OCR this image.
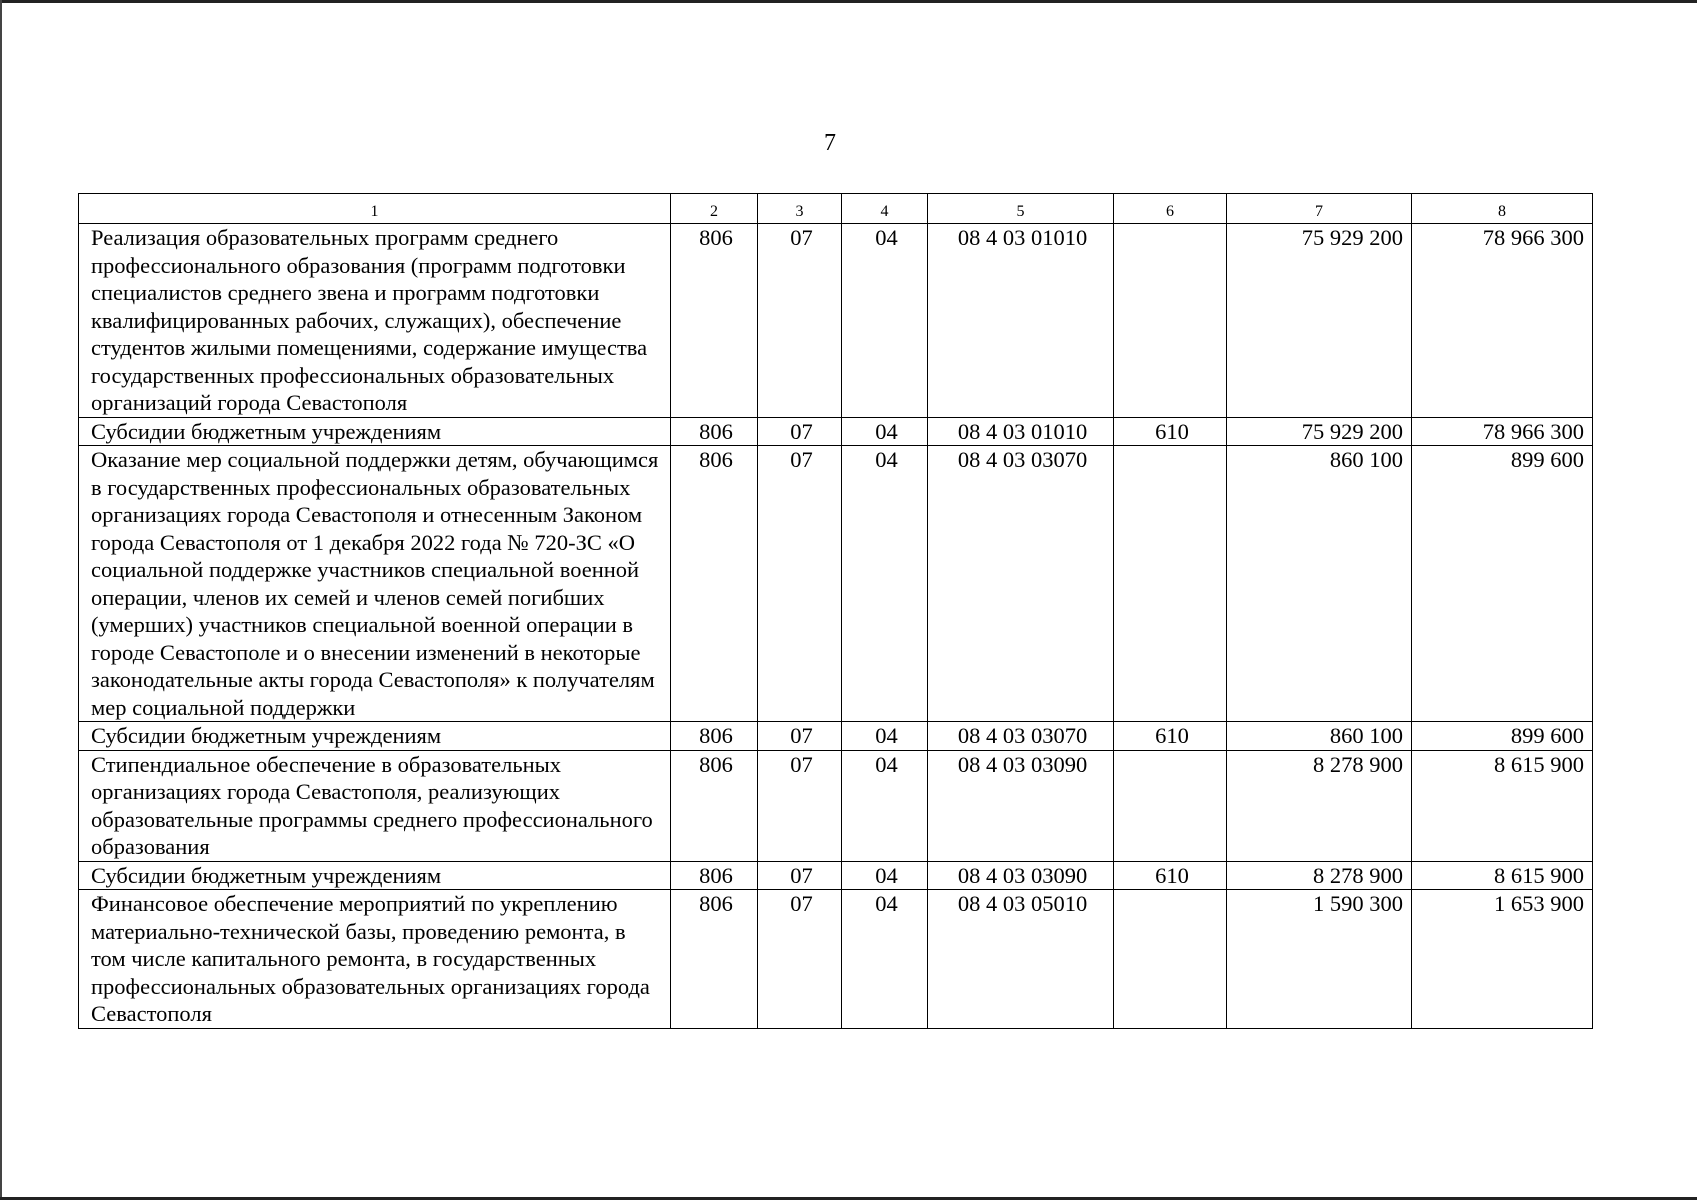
7
1	2	3	4	5	6	7	8
Реализация образовательных программ среднего профессионального образования (программ подготовки специалистов среднего звена и программ подготовки квалифицированных рабочих, служащих), обеспечение студентов жилыми помещениями, содержание имущества государственных профессиональных образовательных организаций города Севастополя	806	07	04	08 4 03 01010		75 929 200	78 966 300
Субсидии бюджетным учреждениям	806	07	04	08 4 03 01010	610	75 929 200	78 966 300
Оказание мер социальной поддержки детям, обучающимся в государственных профессиональных образовательных организациях города Севастополя и отнесенным Законом города Севастополя от 1 декабря 2022 года № 720-ЗС «О социальной поддержке участников специальной военной операции, членов их семей и членов семей погибших (умерших) участников специальной военной операции в городе Севастополе и о внесении изменений в некоторые законодательные акты города Севастополя» к получателям мер социальной поддержки	806	07	04	08 4 03 03070		860 100	899 600
Субсидии бюджетным учреждениям	806	07	04	08 4 03 03070	610	860 100	899 600
Стипендиальное обеспечение в образовательных организациях города Севастополя, реализующих образовательные программы среднего профессионального образования	806	07	04	08 4 03 03090		8 278 900	8 615 900
Субсидии бюджетным учреждениям	806	07	04	08 4 03 03090	610	8 278 900	8 615 900
Финансовое обеспечение мероприятий по укреплению материально-технической базы, проведению ремонта, в том числе капитального ремонта, в государственных профессиональных образовательных организациях города Севастополя	806	07	04	08 4 03 05010		1 590 300	1 653 900
